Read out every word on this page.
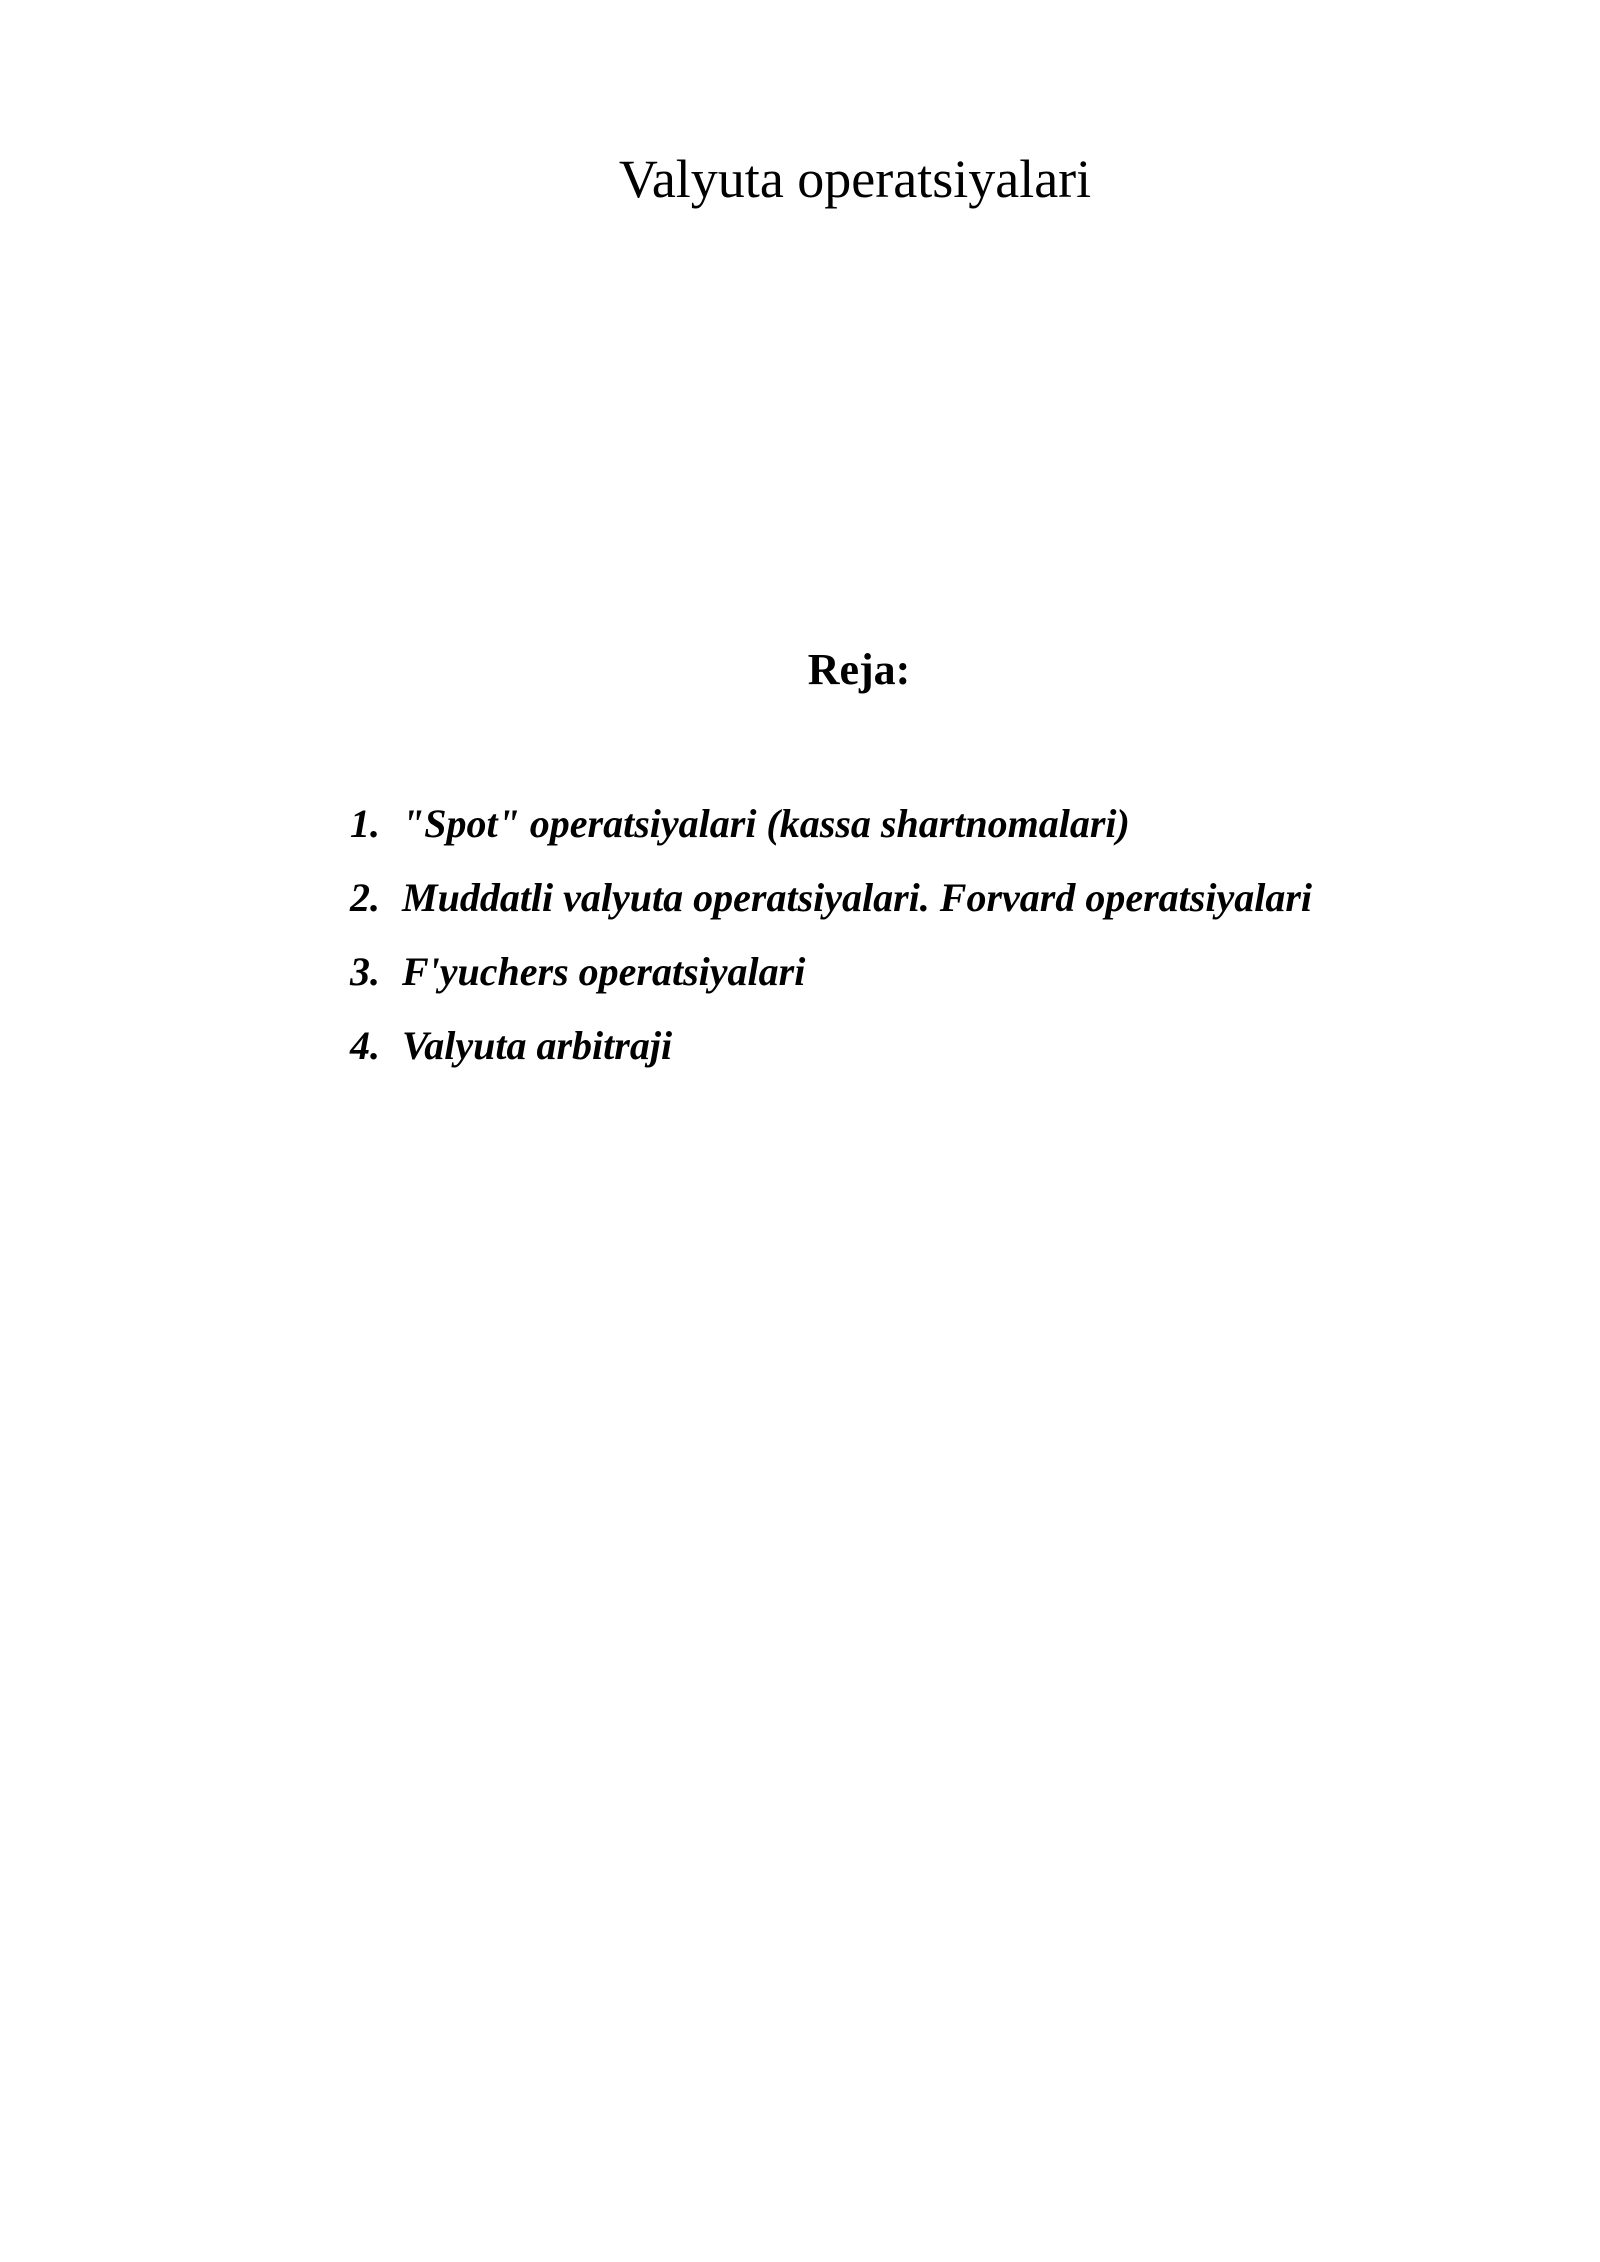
Valyuta operatsiyalari
Reja:
1. "Spot" operatsiyalari (kassa shartnomalari)
2. Muddatli valyuta operatsiyalari. Forvard operatsiyalari
3. F'yuchers operatsiyalari
4. Valyuta arbitraji
